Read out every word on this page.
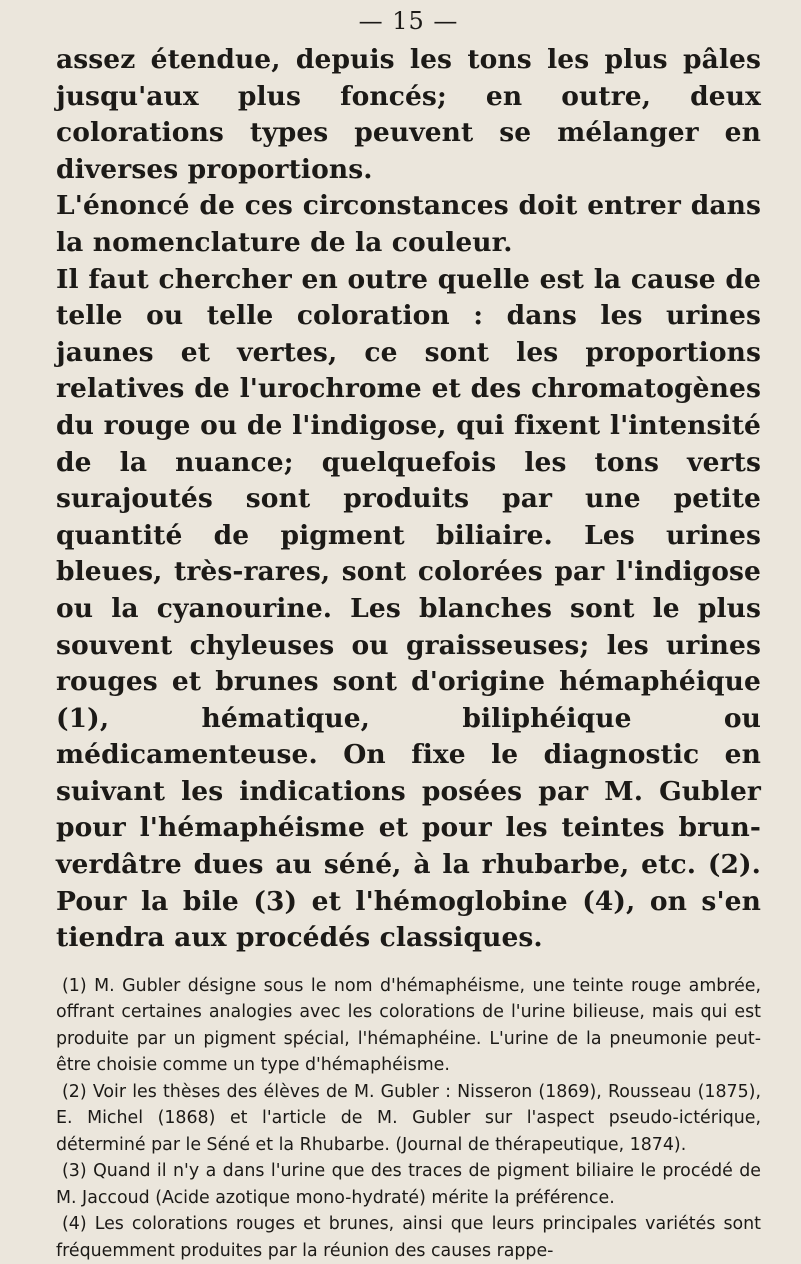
— 15 —

assez étendue, depuis les tons les plus pâles jusqu'aux plus foncés; en outre, deux colorations types peuvent se mélanger en diverses proportions.

L'énoncé de ces circonstances doit entrer dans la nomenclature de la couleur.

Il faut chercher en outre quelle est la cause de telle ou telle coloration : dans les urines jaunes et vertes, ce sont les proportions relatives de l'urochrome et des chromatogènes du rouge ou de l'indigose, qui fixent l'intensité de la nuance; quelquefois les tons verts surajoutés sont produits par une petite quantité de pigment biliaire. Les urines bleues, très-rares, sont colorées par l'indigose ou la cyanourine. Les blanches sont le plus souvent chyleuses ou graisseuses; les urines rouges et brunes sont d'origine hémaphéique (1), hématique, biliphéique ou médicamenteuse. On fixe le diagnostic en suivant les indications posées par M. Gubler pour l'hémaphéisme et pour les teintes brun-verdâtre dues au séné, à la rhubarbe, etc. (2). Pour la bile (3) et l'hémoglobine (4), on s'en tiendra aux procédés classiques.

(1) M. Gubler désigne sous le nom d'hémaphéisme, une teinte rouge ambrée, offrant certaines analogies avec les colorations de l'urine bilieuse, mais qui est produite par un pigment spécial, l'hémaphéine. L'urine de la pneumonie peut-être choisie comme un type d'hémaphéisme.

(2) Voir les thèses des élèves de M. Gubler : Nisseron (1869), Rousseau (1875), E. Michel (1868) et l'article de M. Gubler sur l'aspect pseudo-ictérique, déterminé par le Séné et la Rhubarbe. (Journal de thérapeutique, 1874).

(3) Quand il n'y a dans l'urine que des traces de pigment biliaire le procédé de M. Jaccoud (Acide azotique mono-hydraté) mérite la préférence.

(4) Les colorations rouges et brunes, ainsi que leurs principales variétés sont fréquemment produites par la réunion des causes rappe-
